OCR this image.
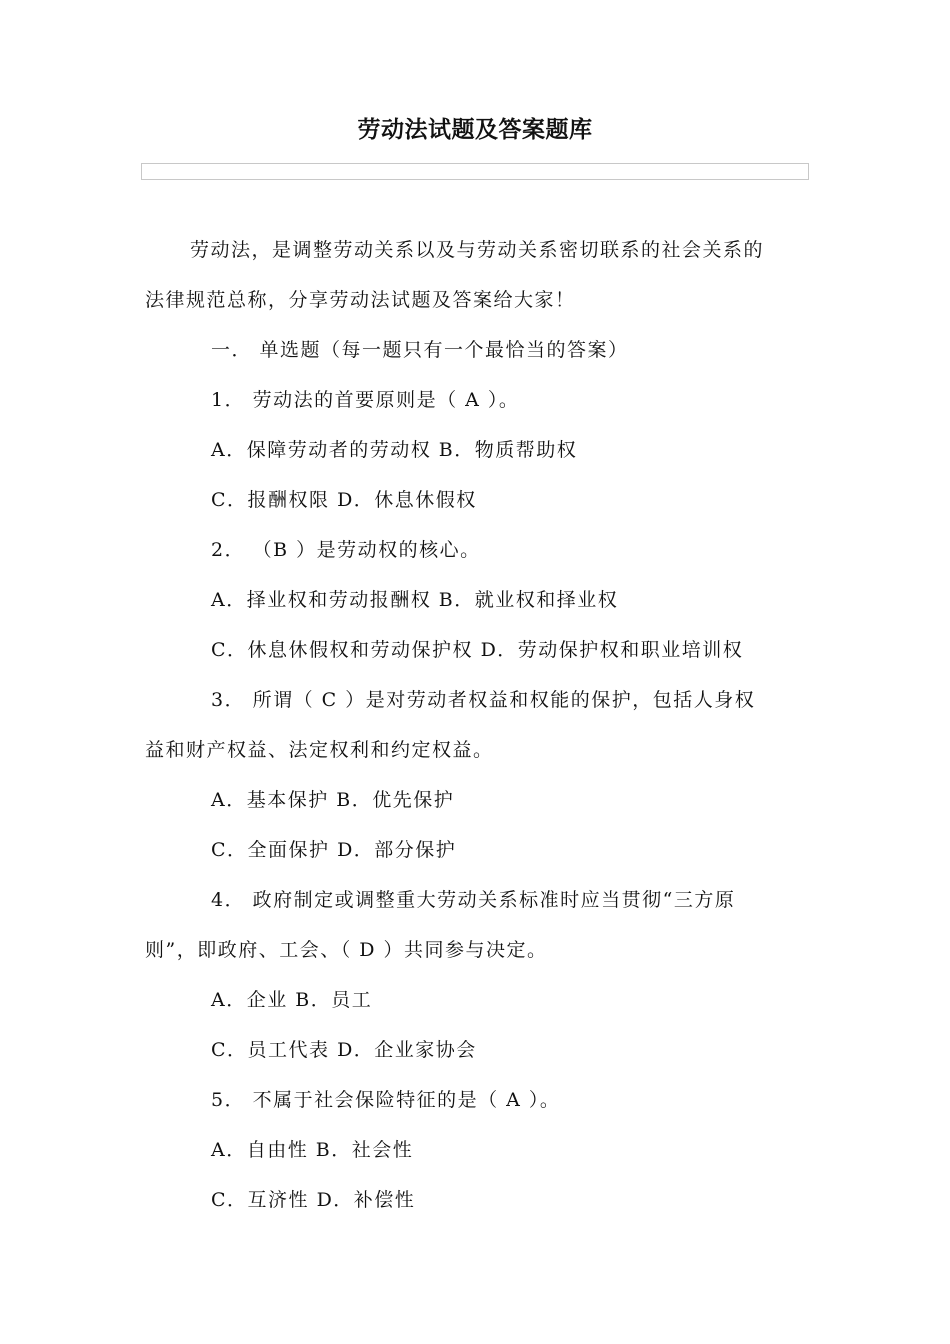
劳动法试题及答案题库
劳动法，是调整劳动关系以及与劳动关系密切联系的社会关系的
法律规范总称，分享劳动法试题及答案给大家！
一． 单选题（每一题只有一个最恰当的答案）
1． 劳动法的首要原则是（ A ）。
A．保障劳动者的劳动权 B．物质帮助权
C．报酬权限 D．休息休假权
2． （B ）是劳动权的核心。
A．择业权和劳动报酬权 B．就业权和择业权
C．休息休假权和劳动保护权 D．劳动保护权和职业培训权
3． 所谓（ C ）是对劳动者权益和权能的保护，包括人身权
益和财产权益、法定权利和约定权益。
A．基本保护 B．优先保护
C．全面保护 D．部分保护
4． 政府制定或调整重大劳动关系标准时应当贯彻“三方原
则”，即政府、工会、（ D ）共同参与决定。
A．企业 B．员工
C．员工代表 D．企业家协会
5． 不属于社会保险特征的是（ A ）。
A．自由性 B．社会性
C．互济性 D．补偿性
